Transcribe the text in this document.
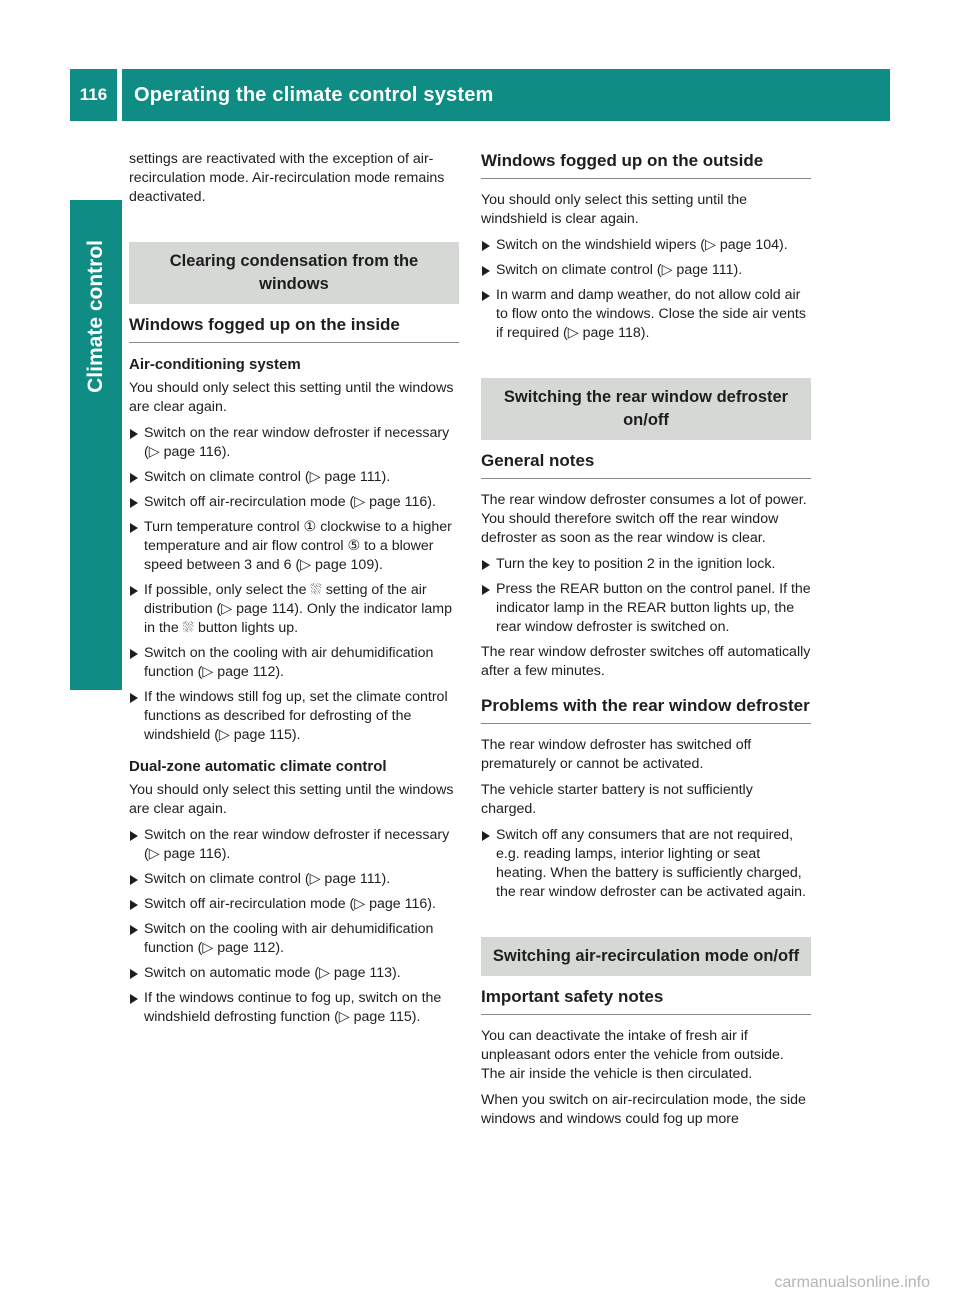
116	Operating the climate control system
Climate control

settings are reactivated with the exception of air-recirculation mode. Air-recirculation mode remains deactivated.

Clearing condensation from the windows
Windows fogged up on the inside
Air-conditioning system

You should only select this setting until the windows are clear again.

Switch on the rear window defroster if necessary (▷ page 116).
Switch on climate control (▷ page 111).
Switch off air-recirculation mode (▷ page 116).
Turn temperature control ① clockwise to a higher temperature and air flow control ⑤ to a blower speed between 3 and 6 (▷ page 109).
If possible, only select the ⛆ setting of the air distribution (▷ page 114). Only the indicator lamp in the ⛆ button lights up.
Switch on the cooling with air dehumidification function (▷ page 112).
If the windows still fog up, set the climate control functions as described for defrosting of the windshield (▷ page 115).
Dual-zone automatic climate control

You should only select this setting until the windows are clear again.

Switch on the rear window defroster if necessary (▷ page 116).
Switch on climate control (▷ page 111).
Switch off air-recirculation mode (▷ page 116).
Switch on the cooling with air dehumidification function (▷ page 112).
Switch on automatic mode (▷ page 113).
If the windows continue to fog up, switch on the windshield defrosting function (▷ page 115).
Windows fogged up on the outside

You should only select this setting until the windshield is clear again.

Switch on the windshield wipers (▷ page 104).
Switch on climate control (▷ page 111).
In warm and damp weather, do not allow cold air to flow onto the windows. Close the side air vents if required (▷ page 118).
Switching the rear window defroster on/off
General notes

The rear window defroster consumes a lot of power. You should therefore switch off the rear window defroster as soon as the rear window is clear.

Turn the key to position 2 in the ignition lock.
Press the REAR button on the control panel. If the indicator lamp in the REAR button lights up, the rear window defroster is switched on.

The rear window defroster switches off automatically after a few minutes.

Problems with the rear window defroster

The rear window defroster has switched off prematurely or cannot be activated.

The vehicle starter battery is not sufficiently charged.

Switch off any consumers that are not required, e.g. reading lamps, interior lighting or seat heating. When the battery is sufficiently charged, the rear window defroster can be activated again.
Switching air-recirculation mode on/off
Important safety notes

You can deactivate the intake of fresh air if unpleasant odors enter the vehicle from outside. The air inside the vehicle is then circulated.

When you switch on air-recirculation mode, the side windows and windows could fog up more

carmanualsonline.info
